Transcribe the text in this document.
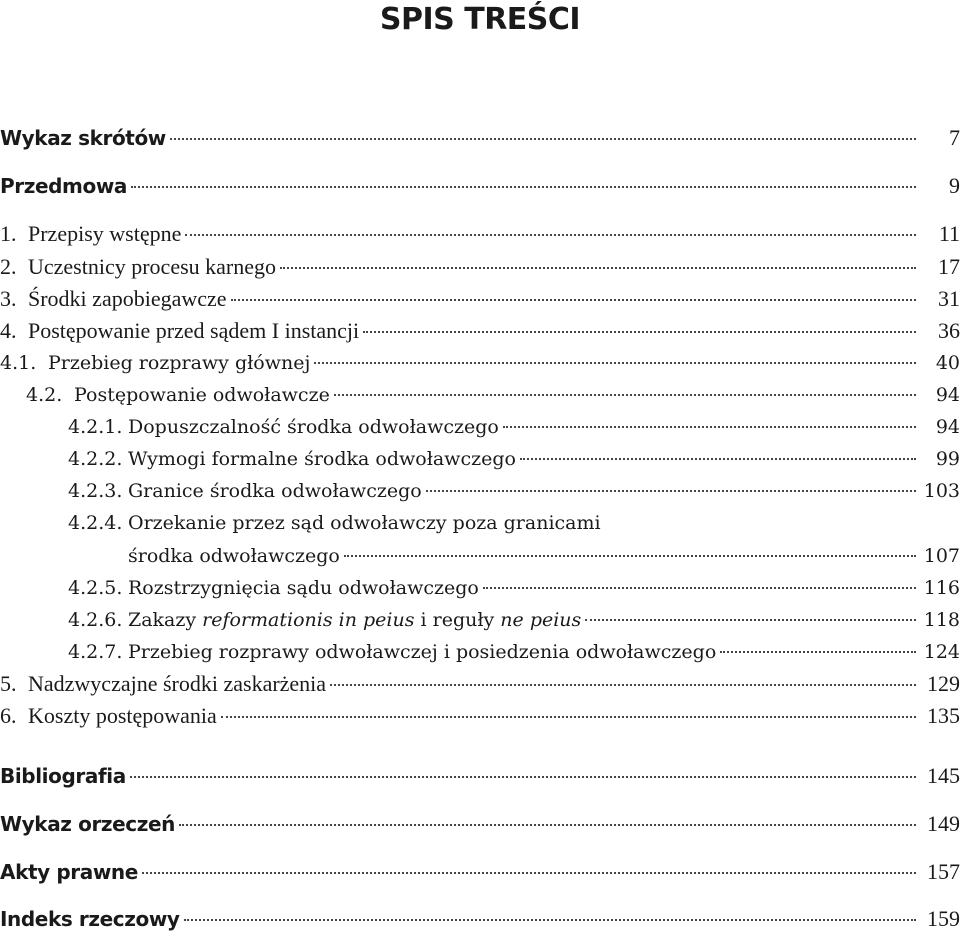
SPIS TREŚCI
Wykaz skrótów	7
Przedmowa	9
1. Przepisy wstępne	11
2. Uczestnicy procesu karnego	17
3. Środki zapobiegawcze	31
4. Postępowanie przed sądem I instancji	36
4.1. Przebieg rozprawy głównej	40
4.2. Postępowanie odwoławcze	94
4.2.1. Dopuszczalność środka odwoławczego	94
4.2.2. Wymogi formalne środka odwoławczego	99
4.2.3. Granice środka odwoławczego	103
4.2.4. Orzekanie przez sąd odwoławczy poza granicami
środka odwoławczego	107
4.2.5. Rozstrzygnięcia sądu odwoławczego	116
4.2.6. Zakazy reformationis in peius i reguły ne peius	118
4.2.7. Przebieg rozprawy odwoławczej i posiedzenia odwoławczego	124
5. Nadzwyczajne środki zaskarżenia	129
6. Koszty postępowania	135
Bibliografia	145
Wykaz orzeczeń	149
Akty prawne	157
Indeks rzeczowy	159
